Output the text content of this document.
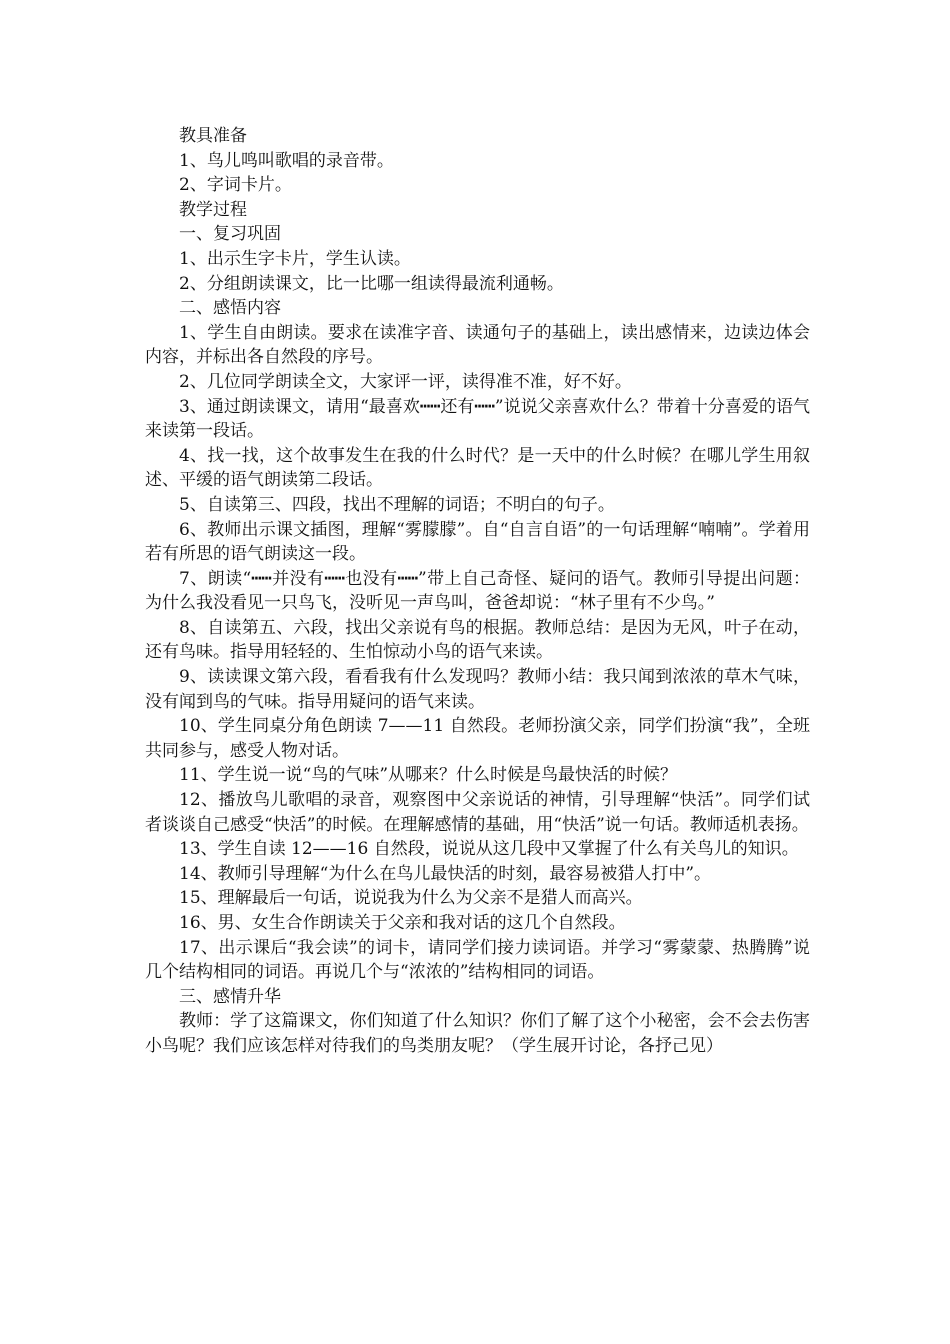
教具准备

1、鸟儿鸣叫歌唱的录音带。

2、字词卡片。

教学过程

一、复习巩固

1、出示生字卡片，学生认读。

2、分组朗读课文，比一比哪一组读得最流利通畅。

二、感悟内容

1、学生自由朗读。要求在读准字音、读通句子的基础上，读出感情来，边读边体会内容，并标出各自然段的序号。

2、几位同学朗读全文，大家评一评，读得准不准，好不好。

3、通过朗读课文，请用“最喜欢┅┅还有┅┅”说说父亲喜欢什么？带着十分喜爱的语气来读第一段话。

4、找一找，这个故事发生在我的什么时代？是一天中的什么时候？在哪儿学生用叙述、平缓的语气朗读第二段话。

5、自读第三、四段，找出不理解的词语；不明白的句子。

6、教师出示课文插图，理解“雾朦朦”。自“自言自语”的一句话理解“喃喃”。学着用若有所思的语气朗读这一段。

7、朗读“┅┅并没有┅┅也没有┅┅”带上自己奇怪、疑问的语气。教师引导提出问题：为什么我没看见一只鸟飞，没听见一声鸟叫，爸爸却说：“林子里有不少鸟。”

8、自读第五、六段，找出父亲说有鸟的根据。教师总结：是因为无风，叶子在动，还有鸟味。指导用轻轻的、生怕惊动小鸟的语气来读。

9、读读课文第六段，看看我有什么发现吗？教师小结：我只闻到浓浓的草木气味，没有闻到鸟的气味。指导用疑问的语气来读。

10、学生同桌分角色朗读 7——11 自然段。老师扮演父亲，同学们扮演“我”，全班共同参与，感受人物对话。

11、学生说一说“鸟的气味”从哪来？什么时候是鸟最快活的时候？

12、播放鸟儿歌唱的录音，观察图中父亲说话的神情，引导理解“快活”。同学们试者谈谈自己感受“快活”的时候。在理解感情的基础，用“快活”说一句话。教师适机表扬。

13、学生自读 12——16 自然段，说说从这几段中又掌握了什么有关鸟儿的知识。

14、教师引导理解“为什么在鸟儿最快活的时刻，最容易被猎人打中”。

15、理解最后一句话，说说我为什么为父亲不是猎人而高兴。

16、男、女生合作朗读关于父亲和我对话的这几个自然段。

17、出示课后“我会读”的词卡，请同学们接力读词语。并学习“雾蒙蒙、热腾腾”说几个结构相同的词语。再说几个与“浓浓的”结构相同的词语。

三、感情升华

教师：学了这篇课文，你们知道了什么知识？你们了解了这个小秘密，会不会去伤害小鸟呢？我们应该怎样对待我们的鸟类朋友呢？（学生展开讨论，各抒己见）
